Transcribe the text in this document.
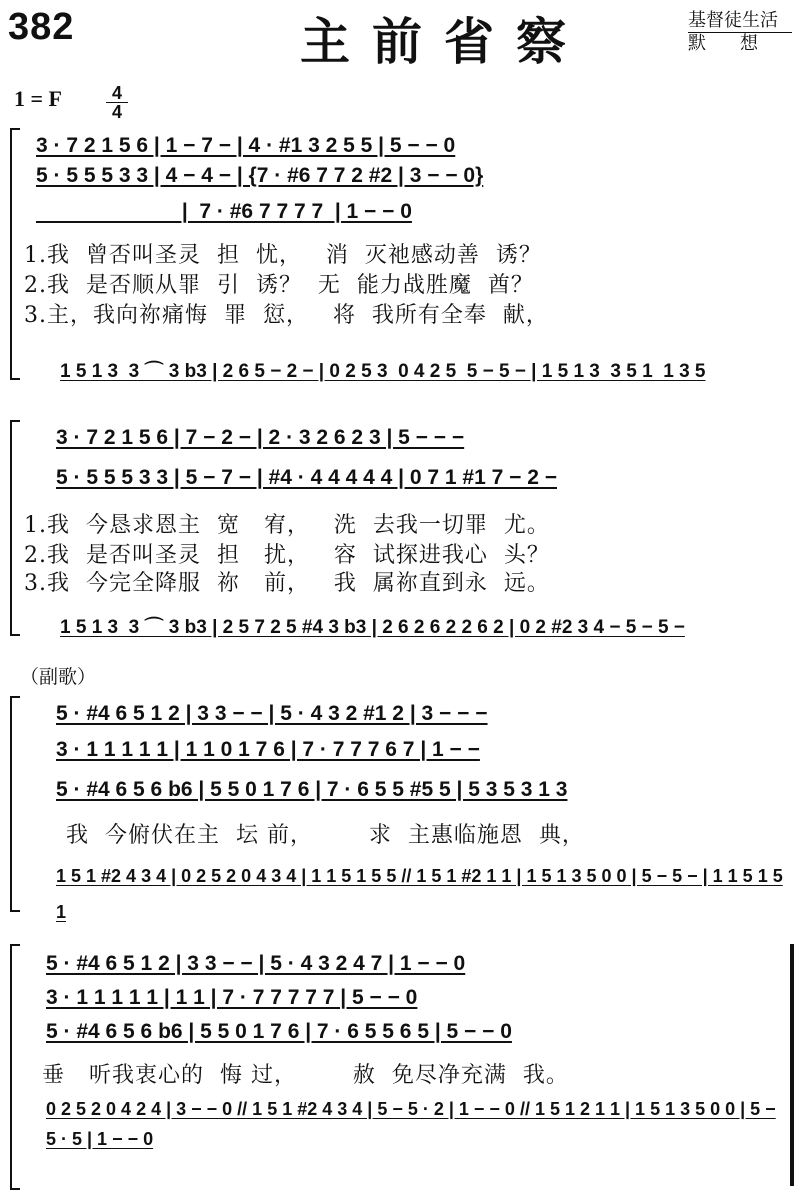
382	主前省察	基督徒生活
默想
1 = F	4
4
3 · 7 2 1 5 6 | 1 − 7 − | 4 · #1 3 2 5 5 | 5 − − 0
5 · 5 5 5 3 3 | 4 − 4 − | {7 · #6 7 7 2 #2 | 3 − − 0}
|  7 · #6 7 7 7 7  | 1 − − 0
1.我  曾否叫圣灵  担  忧，   消  灭祂感动善  诱？
2.我  是否顺从罪  引  诱？  无  能力战胜魔  酋？
3.主，我向祢痛悔  罪  愆，   将  我所有全奉  献，
1 5 1 3  3 ⌒ 3 b3 | 2 6 5 − 2 − | 0 2 5 3  0 4 2 5  5 − 5 − | 1 5 1 3  3 5 1  1 3 5
3 · 7 2 1 5 6 | 7 − 2 − | 2 · 3 2 6 2 3 | 5 − − −
5 · 5 5 5 3 3 | 5 − 7 − | #4 · 4 4 4 4 4 | 0 7 1 #1 7 − 2 −
1.我  今恳求恩主  宽   宥，   洗  去我一切罪  尤。
2.我  是否叫圣灵  担   扰，   容  试探进我心  头？
3.我  今完全降服  祢   前，   我  属祢直到永  远。
1 5 1 3  3 ⌒ 3 b3 | 2 5 7 2 5 #4 3 b3 | 2 6 2 6 2 2 6 2 | 0 2 #2 3 4 − 5 − 5 −
（副歌）
5 · #4 6 5 1 2 | 3 3 − − | 5 · 4 3 2 #1 2 | 3 − − −
3 · 1 1 1 1 1 | 1 1 0 1 7 6 | 7 · 7 7 7 6 7 | 1 − −
5 · #4 6 5 6 b6 | 5 5 0 1 7 6 | 7 · 6 5 5 #5 5 | 5 3 5 3 1 3
我  今俯伏在主  坛 前，       求  主惠临施恩  典，
1 5 1 #2 4 3 4 | 0 2 5 2 0 4 3 4 | 1 1 5 1 5 5 // 1 5 1 #2 1 1 | 1 5 1 3 5 0 0 | 5 − 5 − | 1 1 5 1 5 1
5 · #4 6 5 1 2 | 3 3 − − | 5 · 4 3 2 4 7 | 1 − − 0
3 · 1 1 1 1 1 | 1 1 | 7 · 7 7 7 7 7 | 5 − − 0
5 · #4 6 5 6 b6 | 5 5 0 1 7 6 | 7 · 6 5 5 6 5 | 5 − − 0
垂   听我衷心的  悔 过，       赦  免尽净充满  我。
0 2 5 2 0 4 2 4 | 3 − − 0 // 1 5 1 #2 4 3 4 | 5 − 5 · 2 | 1 − − 0 // 1 5 1 2 1 1 | 1 5 1 3 5 0 0 | 5 − 5 · 5 | 1 − − 0
